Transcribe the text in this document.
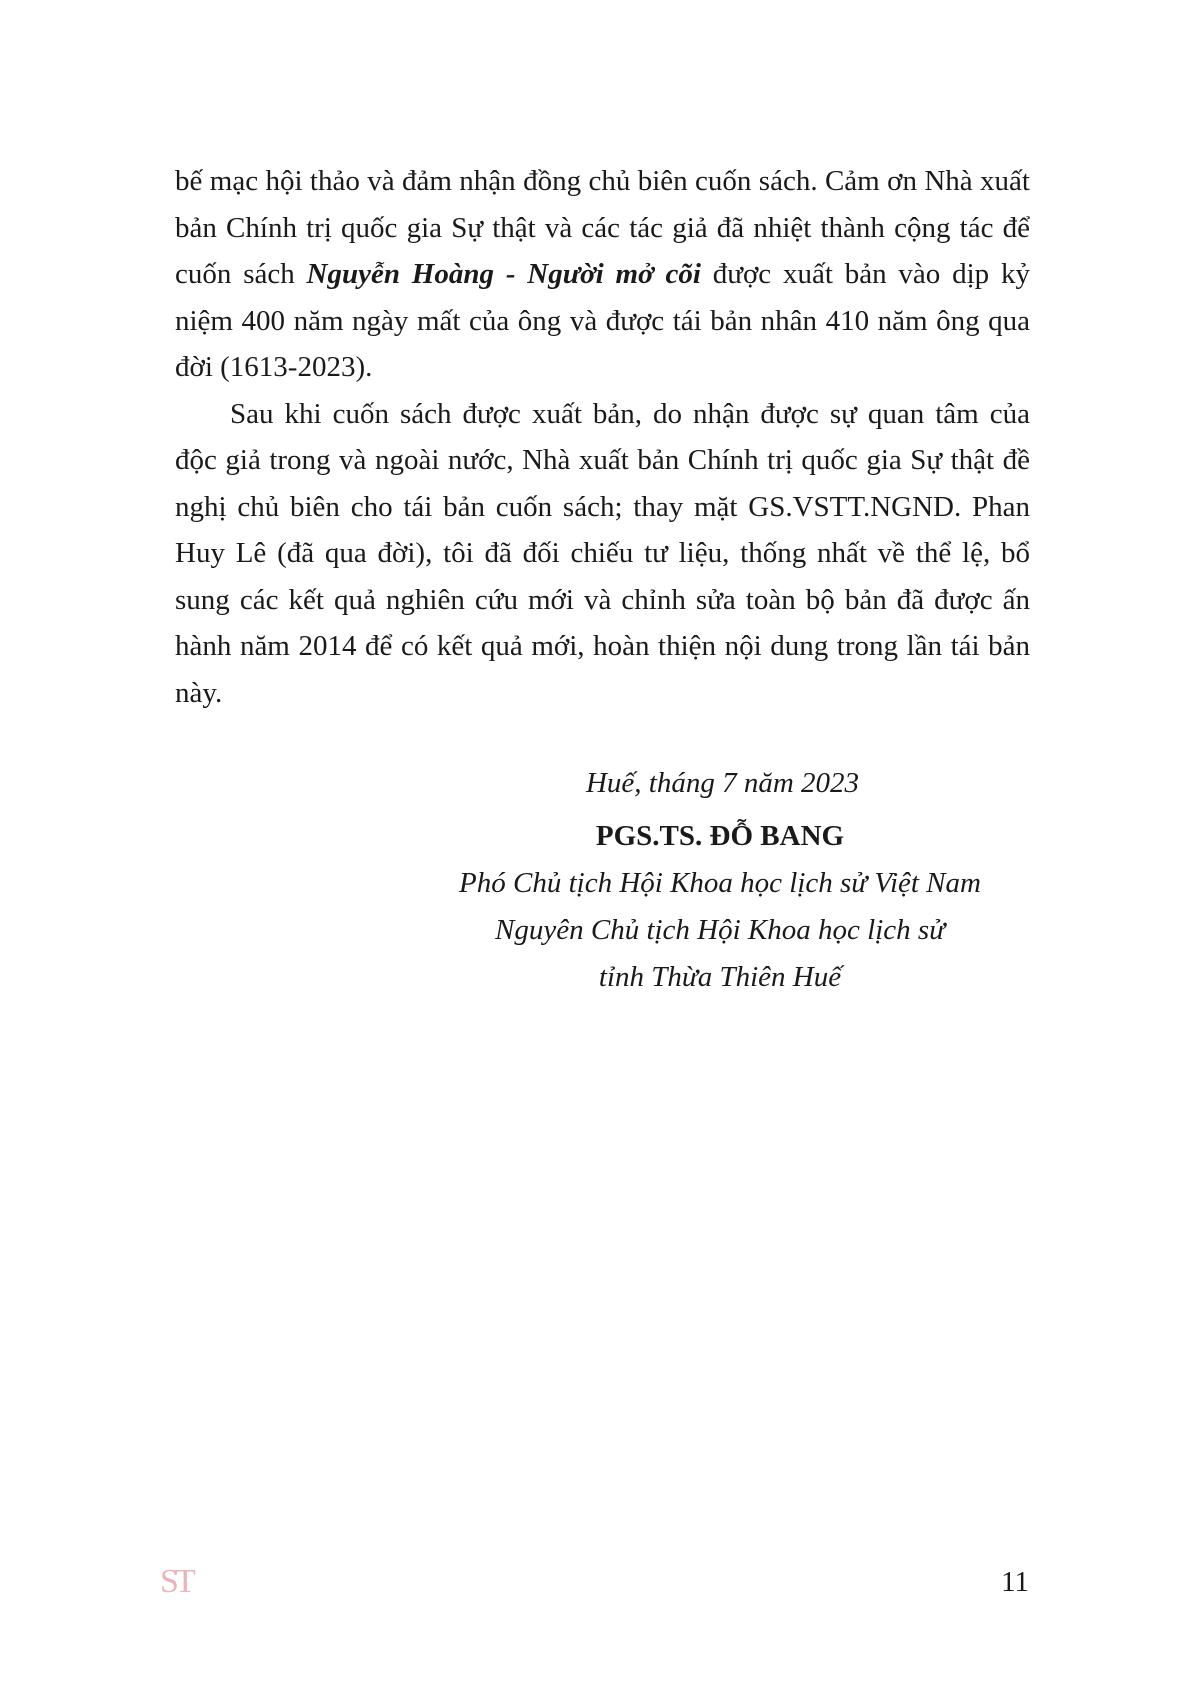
bế mạc hội thảo và đảm nhận đồng chủ biên cuốn sách. Cảm ơn Nhà xuất bản Chính trị quốc gia Sự thật và các tác giả đã nhiệt thành cộng tác để cuốn sách Nguyễn Hoàng - Người mở cõi được xuất bản vào dịp kỷ niệm 400 năm ngày mất của ông và được tái bản nhân 410 năm ông qua đời (1613-2023).

Sau khi cuốn sách được xuất bản, do nhận được sự quan tâm của độc giả trong và ngoài nước, Nhà xuất bản Chính trị quốc gia Sự thật đề nghị chủ biên cho tái bản cuốn sách; thay mặt GS.VSTT.NGND. Phan Huy Lê (đã qua đời), tôi đã đối chiếu tư liệu, thống nhất về thể lệ, bổ sung các kết quả nghiên cứu mới và chỉnh sửa toàn bộ bản đã được ấn hành năm 2014 để có kết quả mới, hoàn thiện nội dung trong lần tái bản này.

Huế, tháng 7 năm 2023
PGS.TS. ĐỖ BANG
Phó Chủ tịch Hội Khoa học lịch sử Việt Nam
Nguyên Chủ tịch Hội Khoa học lịch sử
tỉnh Thừa Thiên Huế
ST	11
